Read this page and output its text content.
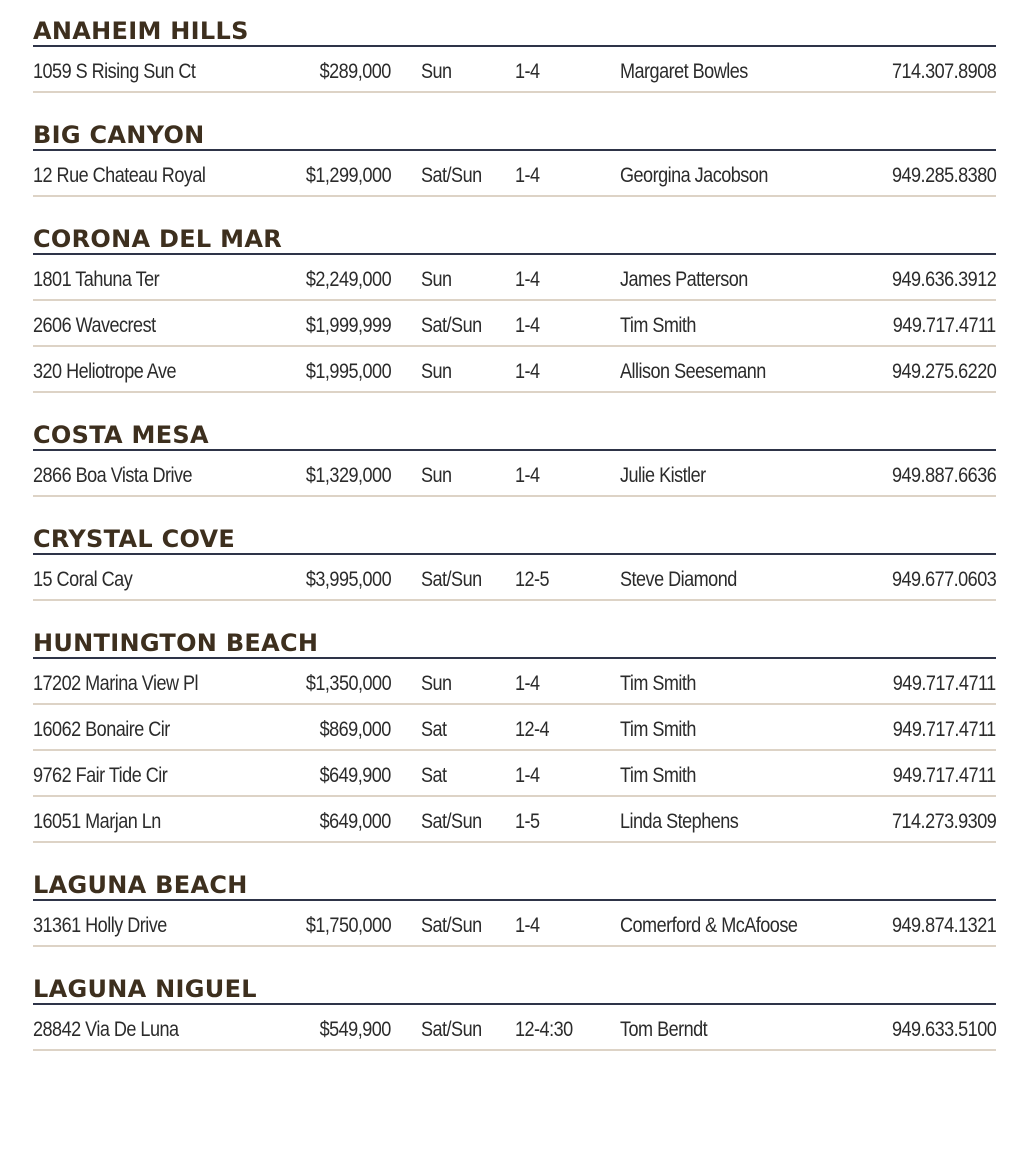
ANAHEIM HILLS
1059 S Rising Sun Ct	$289,000 Sun	1-4	Margaret Bowles	714.307.8908
BIG CANYON
12 Rue Chateau Royal	$1,299,000 Sat/Sun 1-4	Georgina Jacobson	949.285.8380
CORONA DEL MAR
1801 Tahuna Ter	$2,249,000 Sun	1-4	James Patterson	949.636.3912
2606 Wavecrest	$1,999,999 Sat/Sun 1-4	Tim Smith	949.717.4711
320 Heliotrope Ave	$1,995,000 Sun	1-4	Allison Seesemann	949.275.6220
COSTA MESA
2866 Boa Vista Drive	$1,329,000 Sun	1-4	Julie Kistler	949.887.6636
CRYSTAL COVE
15 Coral Cay	$3,995,000 Sat/Sun 12-5	Steve Diamond	949.677.0603
HUNTINGTON BEACH
17202 Marina View Pl	$1,350,000 Sun	1-4	Tim Smith	949.717.4711
16062 Bonaire Cir	$869,000 Sat	12-4	Tim Smith	949.717.4711
9762 Fair Tide Cir	$649,900 Sat	1-4	Tim Smith	949.717.4711
16051 Marjan Ln	$649,000 Sat/Sun 1-5	Linda Stephens	714.273.9309
LAGUNA BEACH
31361 Holly Drive	$1,750,000 Sat/Sun 1-4	Comerford & McAfoose	949.874.1321
LAGUNA NIGUEL
28842 Via De Luna	$549,900 Sat/Sun 12-4:30 Tom Berndt	949.633.5100
